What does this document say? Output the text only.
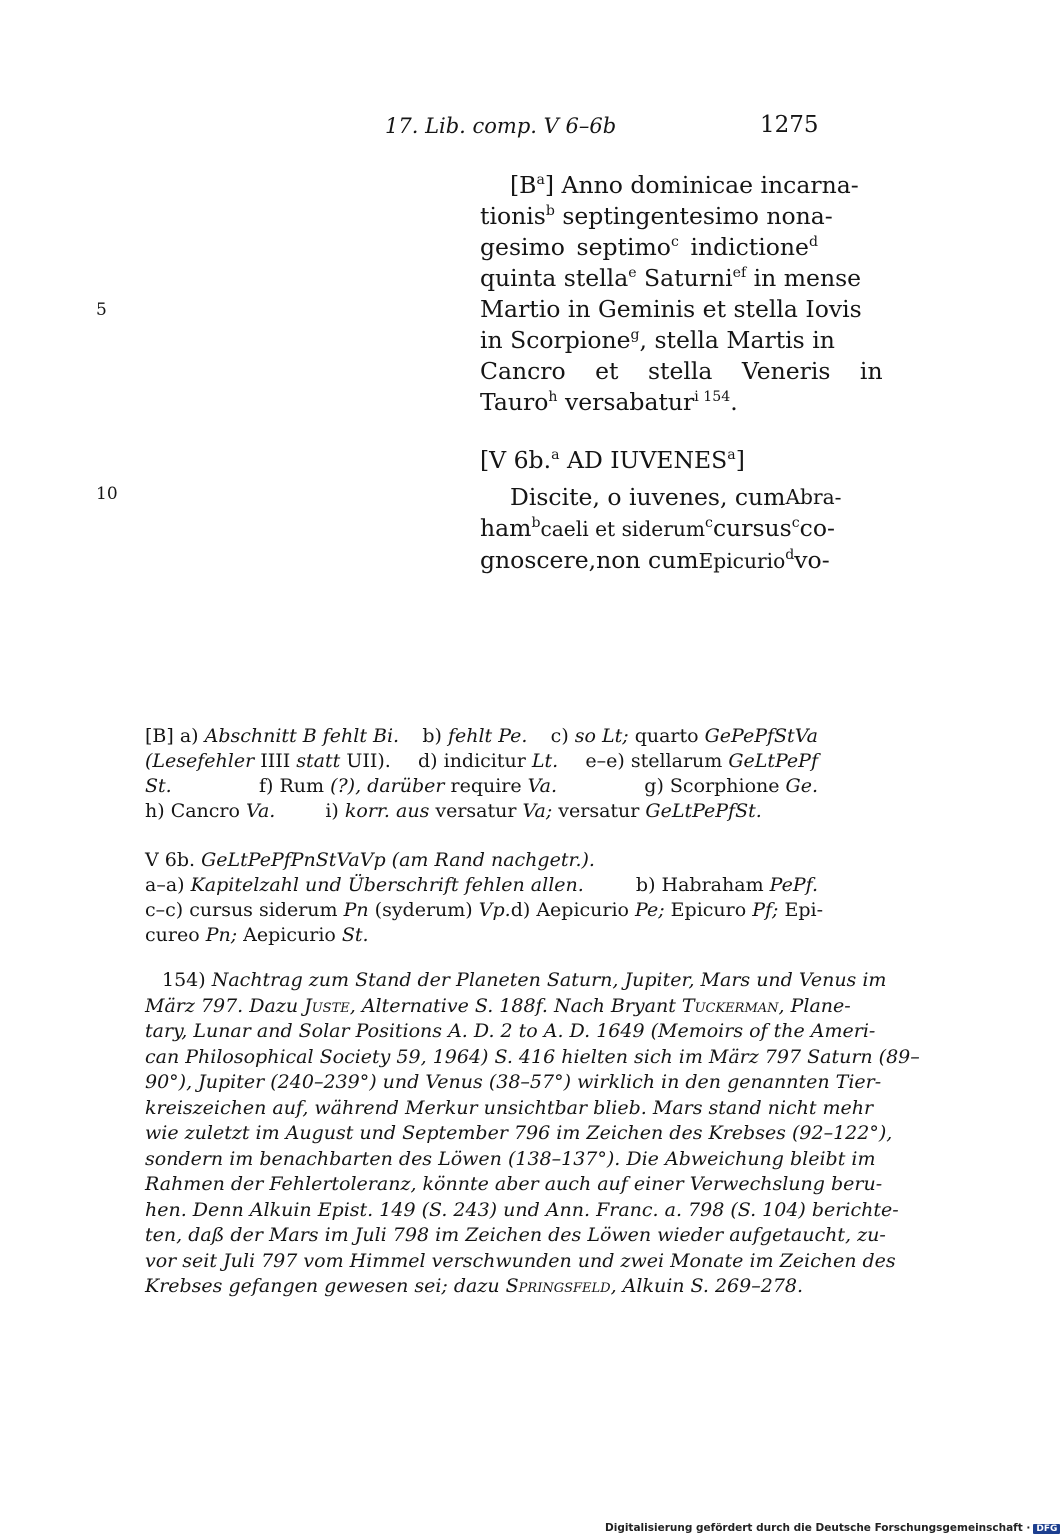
17. Lib. comp. V 6–6b	1275
5
10
$[B^a]$ Anno dominicae incarna-
tionis$^b$ septingentesimo nona-
gesimo septimo$^c$ indictione$^d$
quinta stella$^e$ Saturni$^{ef}$ in mense
Martio in Geminis et stella Iovis
in Scorpione$^g$, stella Martis in
Cancro et stella Veneris in
Tauro$^h$ versabatur$^{i 154}$.
[V 6b.$^a$ AD IUVENES$^a$]
Discite, o iuvenes, cum Abra-
ham$^b$ caeli et siderum$^c$ cursus$^c$ co-
gnoscere, non cum Epicurio$^d$ vo-
[B] a) Abschnitt B fehlt Bi. b) fehlt Pe. c) so Lt; quarto GePePfStVa
(Lesefehler IIII statt UII). d) indicitur Lt. e–e) stellarum GeLtPePf
St.	f) Rum (?), darüber require Va.	g) Scorphione Ge.
h) Cancro Va.	i) korr. aus versatur Va; versatur GeLtPePfSt.
V 6b. GeLtPePfPnStVaVp (am Rand nachgetr.).
a–a) Kapitelzahl und Überschrift fehlen allen.	b) Habraham PePf.
c–c) cursus siderum Pn (syderum) Vp. d) Aepicurio Pe; Epicuro Pf; Epi-
cureo Pn; Aepicurio St.
154) Nachtrag zum Stand der Planeten Saturn, Jupiter, Mars und Venus im
März 797. Dazu Juste, Alternative S. 188f. Nach Bryant Tuckerman, Plane-
tary, Lunar and Solar Positions A. D. 2 to A. D. 1649 (Memoirs of the Ameri-
can Philosophical Society 59, 1964) S. 416 hielten sich im März 797 Saturn (89–
90°), Jupiter (240–239°) und Venus (38–57°) wirklich in den genannten Tier-
kreiszeichen auf, während Merkur unsichtbar blieb. Mars stand nicht mehr
wie zuletzt im August und September 796 im Zeichen des Krebses (92–122°),
sondern im benachbarten des Löwen (138–137°). Die Abweichung bleibt im
Rahmen der Fehlertoleranz, könnte aber auch auf einer Verwechslung beru-
hen. Denn Alkuin Epist. 149 (S. 243) und Ann. Franc. a. 798 (S. 104) berichte-
ten, daß der Mars im Juli 798 im Zeichen des Löwen wieder aufgetaucht, zu-
vor seit Juli 797 vom Himmel verschwunden und zwei Monate im Zeichen des
Krebses gefangen gewesen sei; dazu Springsfeld, Alkuin S. 269–278.
Digitalisierung gefördert durch die Deutsche Forschungsgemeinschaft · DFG
